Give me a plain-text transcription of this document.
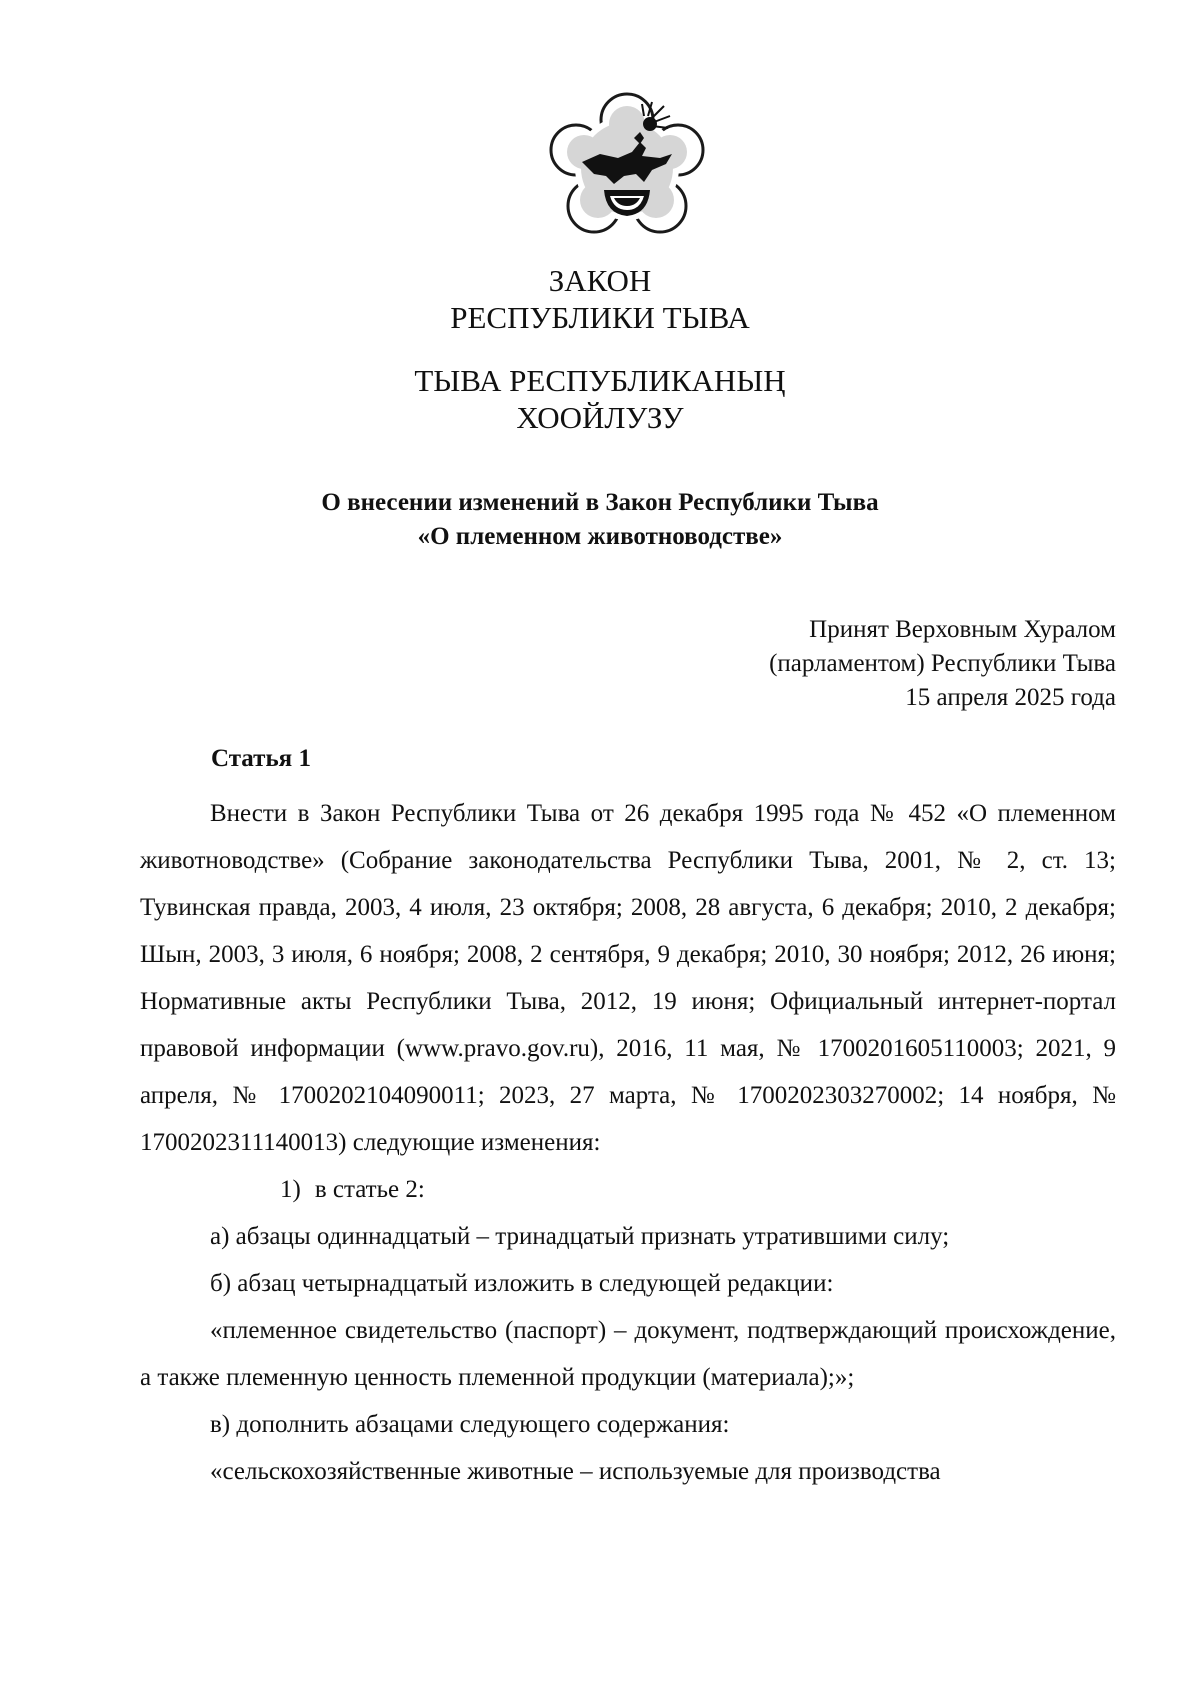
ЗАКОН
РЕСПУБЛИКИ ТЫВА
ТЫВА РЕСПУБЛИКАНЫҢ
ХООЙЛУЗУ
О внесении изменений в Закон Республики Тыва
«О племенном животноводстве»
Принят Верховным Хуралом
(парламентом) Республики Тыва
15 апреля 2025 года
Статья 1

Внести в Закон Республики Тыва от 26 декабря 1995 года № 452 «О племенном животноводстве» (Собрание законодательства Республики Тыва, 2001, № 2, ст. 13; Тувинская правда, 2003, 4 июля, 23 октября; 2008, 28 августа, 6 декабря; 2010, 2 декабря; Шын, 2003, 3 июля, 6 ноября; 2008, 2 сентября, 9 декабря; 2010, 30 ноября; 2012, 26 июня; Нормативные акты Республики Тыва, 2012, 19 июня; Официальный интернет-портал правовой информации (www.pravo.gov.ru), 2016, 11 мая, № 1700201605110003; 2021, 9 апреля, № 1700202104090011; 2023, 27 марта, № 1700202303270002; 14 ноября, № 1700202311140013) следующие изменения:

1) в статье 2:

а) абзацы одиннадцатый – тринадцатый признать утратившими силу;

б) абзац четырнадцатый изложить в следующей редакции:

«племенное свидетельство (паспорт) – документ, подтверждающий происхождение, а также племенную ценность племенной продукции (материала);»;

в) дополнить абзацами следующего содержания:

«сельскохозяйственные животные – используемые для производства
